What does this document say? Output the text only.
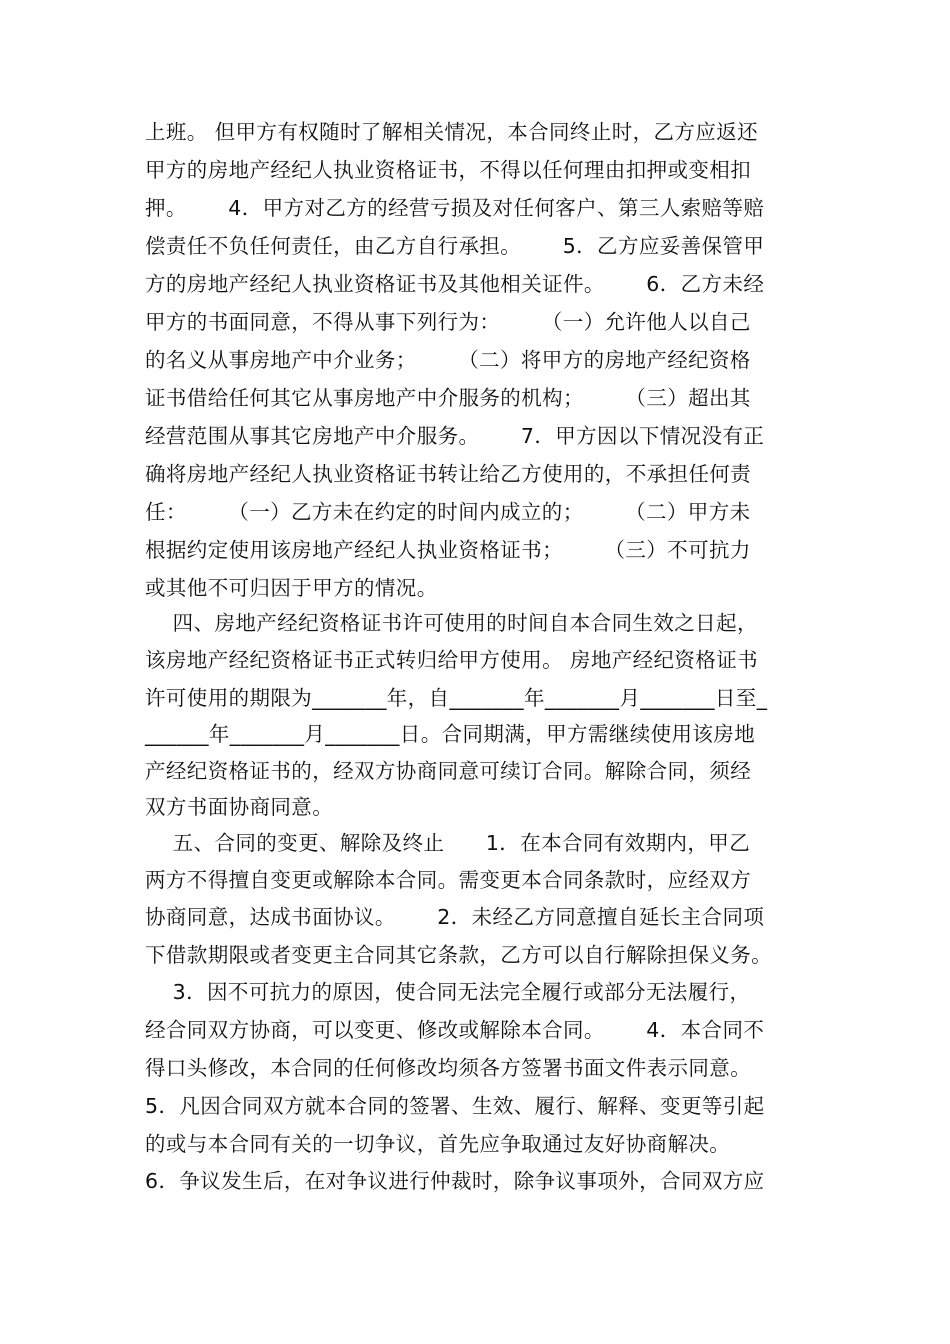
上班。 但甲方有权随时了解相关情况，本合同终止时，乙方应返还
甲方的房地产经纪人执业资格证书，不得以任何理由扣押或变相扣
押。      4．甲方对乙方的经营亏损及对任何客户、第三人索赔等赔
偿责任不负任何责任，由乙方自行承担。      5．乙方应妥善保管甲
方的房地产经纪人执业资格证书及其他相关证件。      6．乙方未经
甲方的书面同意，不得从事下列行为：      （一）允许他人以自己
的名义从事房地产中介业务；      （二）将甲方的房地产经纪资格
证书借给任何其它从事房地产中介服务的机构；      （三）超出其
经营范围从事其它房地产中介服务。      7．甲方因以下情况没有正
确将房地产经纪人执业资格证书转让给乙方使用的，不承担任何责
任：      （一）乙方未在约定的时间内成立的；      （二）甲方未
根据约定使用该房地产经纪人执业资格证书；      （三）不可抗力
或其他不可归因于甲方的情况。
四、房地产经纪资格证书许可使用的时间自本合同生效之日起，
该房地产经纪资格证书正式转归给甲方使用。 房地产经纪资格证书
许可使用的期限为_______年，自_______年_______月_______日至_
______年_______月_______日。合同期满，甲方需继续使用该房地
产经纪资格证书的，经双方协商同意可续订合同。解除合同，须经
双方书面协商同意。
五、合同的变更、解除及终止      1．在本合同有效期内，甲乙
两方不得擅自变更或解除本合同。需变更本合同条款时，应经双方
协商同意，达成书面协议。      2．未经乙方同意擅自延长主合同项
下借款期限或者变更主合同其它条款，乙方可以自行解除担保义务。
3．因不可抗力的原因，使合同无法完全履行或部分无法履行，
经合同双方协商，可以变更、修改或解除本合同。      4．本合同不
得口头修改，本合同的任何修改均须各方签署书面文件表示同意。
5．凡因合同双方就本合同的签署、生效、履行、解释、变更等引起
的或与本合同有关的一切争议，首先应争取通过友好协商解决。
6．争议发生后，在对争议进行仲裁时，除争议事项外，合同双方应
